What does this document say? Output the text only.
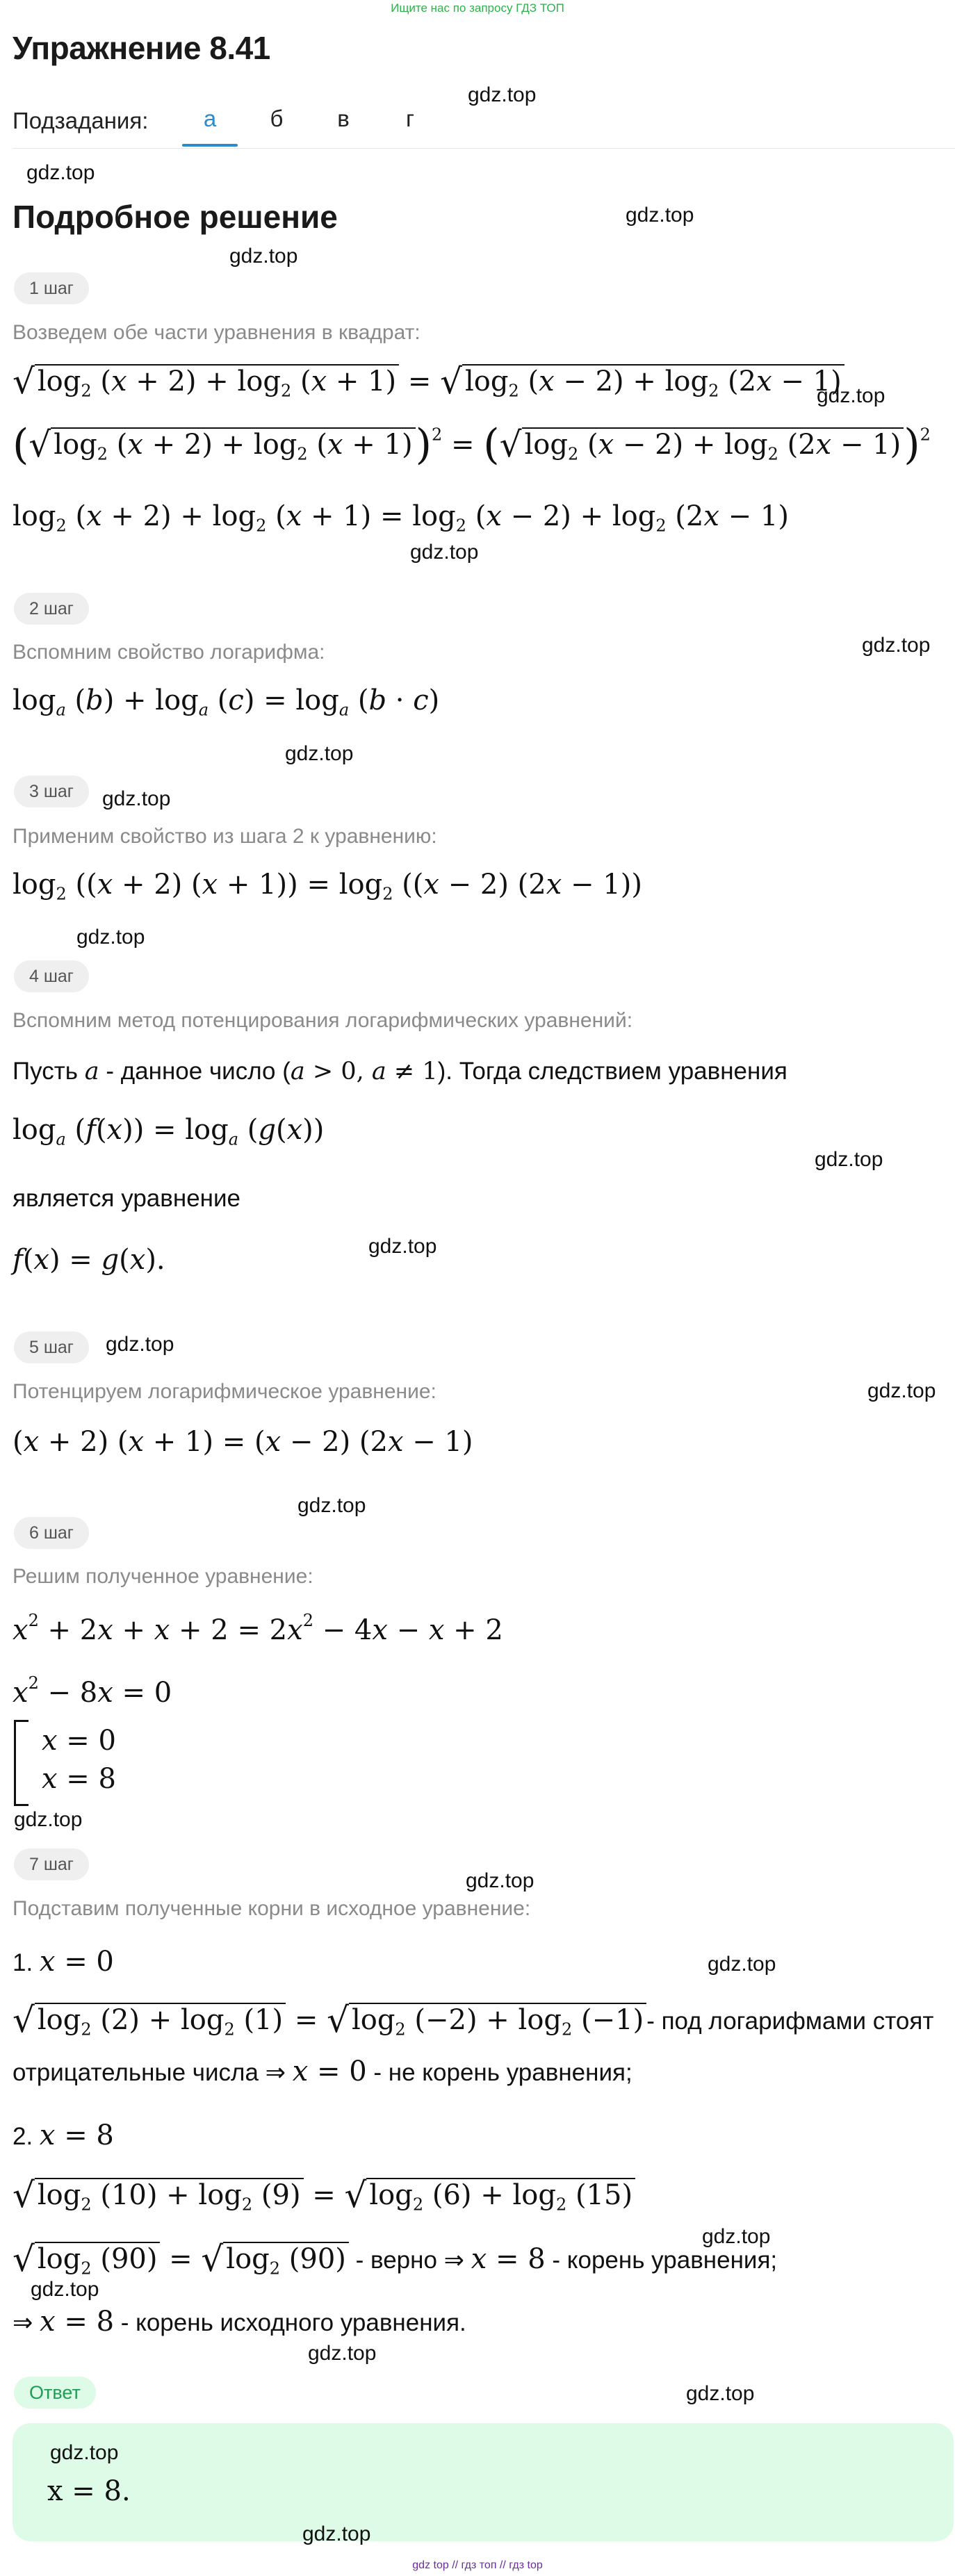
Ищите нас по запросу ГДЗ ТОП
Упражнение 8.41
Подзадания:	а	б	в	г
Подробное решение
1 шаг
Возведем обе части уравнения в квадрат:
√ $\log_2 (x + 2) + \log_2 (x + 1)$ = √ $\log_2 (x - 2) + \log_2 (2x - 1)$
(√ $\log_2 (x + 2) + \log_2 (x + 1))^2$ = (√ $\log_2 (x - 2) + \log_2 (2x - 1))^2$
$\log_2 (x + 2) + \log_2 (x + 1) = \log_2 (x - 2) + \log_2 (2x - 1)$
2 шаг
Вспомним свойство логарифма:
$\log_a (b) + \log_a (c) = \log_a (b \cdot c)$
3 шаг
Применим свойство из шага 2 к уравнению:
$\log_2 ((x + 2) (x + 1)) = \log_2 ((x - 2) (2x - 1))$
4 шаг
Вспомним метод потенцирования логарифмических уравнений:
Пусть a - данное число (a > 0, a ≠ 1). Тогда следствием уравнения
$\log_a (f(x)) = \log_a (g(x))$
является уравнение
f(x) = g(x).
5 шаг
Потенцируем логарифмическое уравнение:
(x + 2) (x + 1) = (x − 2) (2x − 1)
6 шаг
Решим полученное уравнение:
$x^2 + 2x + x + 2 = 2x^2 - 4x - x + 2$
$x^2 - 8x = 0$
x = 0
x = 8
7 шаг
Подставим полученные корни в исходное уравнение:
1. x = 0
√ $\log_2 (2) + \log_2 (1)$ = √ $\log_2 (-2) + \log_2 (-1)$ - под логарифмами стоят
отрицательные числа ⇒ x = 0 - не корень уравнения;
2. x = 8
√ $\log_2 (10) + \log_2 (9)$ = √ $\log_2 (6) + \log_2 (15)$
√ $\log_2 (90)$ = √ $\log_2 (90)$ - верно ⇒ x = 8 - корень уравнения;
⇒ x = 8 - корень исходного уравнения.
Ответ
x = 8.
gdz.top
gdz.top
gdz.top
gdz.top
gdz.top
gdz.top
gdz.top
gdz.top
gdz.top
gdz.top
gdz.top
gdz.top
gdz.top
gdz.top
gdz.top
gdz.top
gdz.top
gdz.top
gdz.top
gdz.top
gdz.top
gdz.top
gdz.top
gdz.top
gdz top // гдз топ // гдз top
